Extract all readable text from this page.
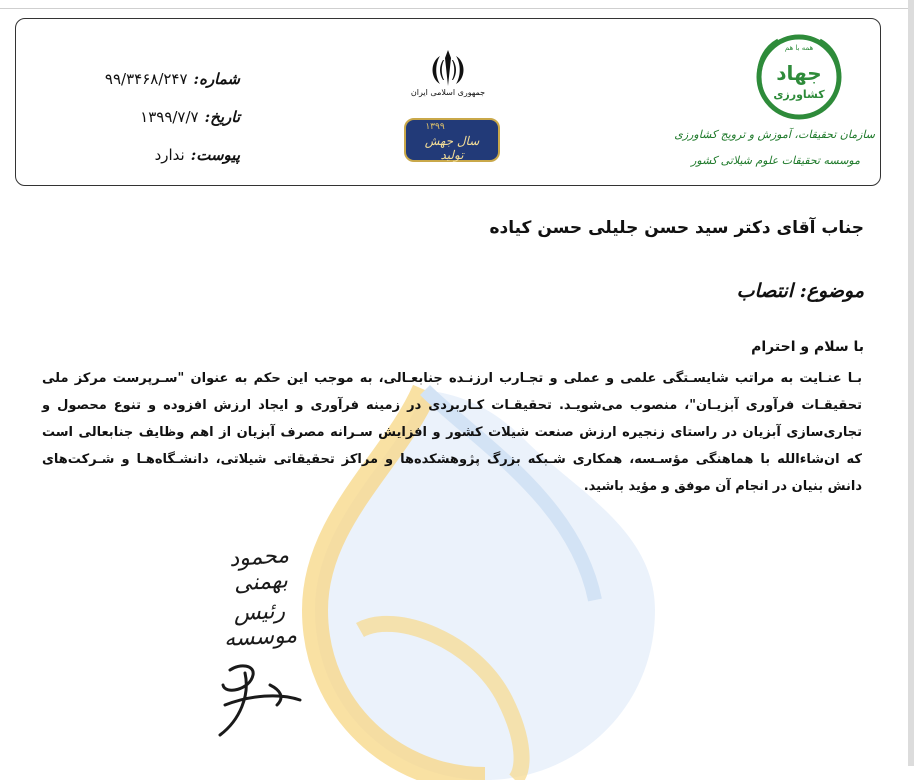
شماره:
۹۹/۳۴۶۸/۲۴۷
تاریخ:
۱۳۹۹/۷/۷
پیوست:
ندارد
جمهوری اسلامی ایران
۱۳۹۹
سال جهش تولید
همه با هم
جهاد
کشاورزی
سازمان تحقیقات، آموزش و ترویج کشاورزی
موسسه تحقیقات علوم شیلاتی کشور
جناب آقای دکتر سید حسن جلیلی حسن کیاده
موضوع: انتصاب
با سلام و احترام
بـا عنـایت به مراتب شایسـتگی علمی و عملی و تجـارب ارزنـده جنابعـالی، به موجب این حکم به عنوان "سـرپرست مرکز ملی تحقیقـات فرآوری آبزیـان"، منصوب می‌شویـد. تحقیقـات کـاربردی در زمینه فرآوری و ایجاد ارزش افزوده و تنوع محصول و تجاری‌سازی آبزیان در راستای زنجیره ارزش صنعت شیلات کشور و افزایش سـرانه مصرف آبزیان از اهم وظایف جنابعالی است که ان‌شاءالله با هماهنگی مؤسـسه، همکاری شـبکه بزرگ پژوهشکده‌ها و مراکز تحقیقاتی شیلاتی، دانشـگاه‌هـا و شـرکت‌های دانش بنیان در انجام آن موفق و مؤید باشید.
محمود بهمنی
رئیس موسسه
